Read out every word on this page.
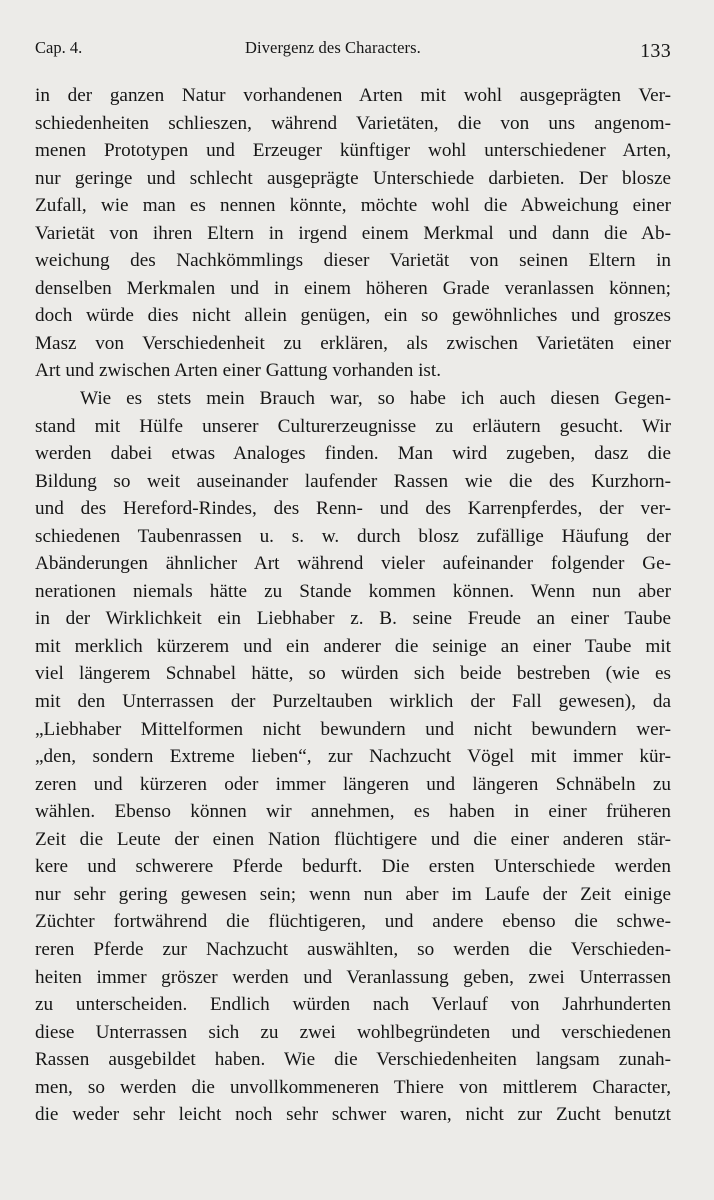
Cap. 4.	Divergenz des Characters.	133
in der ganzen Natur vorhandenen Arten mit wohl ausgeprägten Ver-
schiedenheiten schlieszen, während Varietäten, die von uns angenom-
menen Prototypen und Erzeuger künftiger wohl unterschiedener Arten,
nur geringe und schlecht ausgeprägte Unterschiede darbieten. Der blosze
Zufall, wie man es nennen könnte, möchte wohl die Abweichung einer
Varietät von ihren Eltern in irgend einem Merkmal und dann die Ab-
weichung des Nachkömmlings dieser Varietät von seinen Eltern in
denselben Merkmalen und in einem höheren Grade veranlassen können;
doch würde dies nicht allein genügen, ein so gewöhnliches und groszes
Masz von Verschiedenheit zu erklären, als zwischen Varietäten einer
Art und zwischen Arten einer Gattung vorhanden ist.
Wie es stets mein Brauch war, so habe ich auch diesen Gegen-
stand mit Hülfe unserer Culturerzeugnisse zu erläutern gesucht. Wir
werden dabei etwas Analoges finden. Man wird zugeben, dasz die
Bildung so weit auseinander laufender Rassen wie die des Kurzhorn-
und des Hereford-Rindes, des Renn- und des Karrenpferdes, der ver-
schiedenen Taubenrassen u. s. w. durch blosz zufällige Häufung der
Abänderungen ähnlicher Art während vieler aufeinander folgender Ge-
nerationen niemals hätte zu Stande kommen können. Wenn nun aber
in der Wirklichkeit ein Liebhaber z. B. seine Freude an einer Taube
mit merklich kürzerem und ein anderer die seinige an einer Taube mit
viel längerem Schnabel hätte, so würden sich beide bestreben (wie es
mit den Unterrassen der Purzeltauben wirklich der Fall gewesen), da
„Liebhaber Mittelformen nicht bewundern und nicht bewundern wer-
„den, sondern Extreme lieben“, zur Nachzucht Vögel mit immer kür-
zeren und kürzeren oder immer längeren und längeren Schnäbeln zu
wählen. Ebenso können wir annehmen, es haben in einer früheren
Zeit die Leute der einen Nation flüchtigere und die einer anderen stär-
kere und schwerere Pferde bedurft. Die ersten Unterschiede werden
nur sehr gering gewesen sein; wenn nun aber im Laufe der Zeit einige
Züchter fortwährend die flüchtigeren, und andere ebenso die schwe-
reren Pferde zur Nachzucht auswählten, so werden die Verschieden-
heiten immer gröszer werden und Veranlassung geben, zwei Unterrassen
zu unterscheiden. Endlich würden nach Verlauf von Jahrhunderten
diese Unterrassen sich zu zwei wohlbegründeten und verschiedenen
Rassen ausgebildet haben. Wie die Verschiedenheiten langsam zunah-
men, so werden die unvollkommeneren Thiere von mittlerem Character,
die weder sehr leicht noch sehr schwer waren, nicht zur Zucht benutzt
